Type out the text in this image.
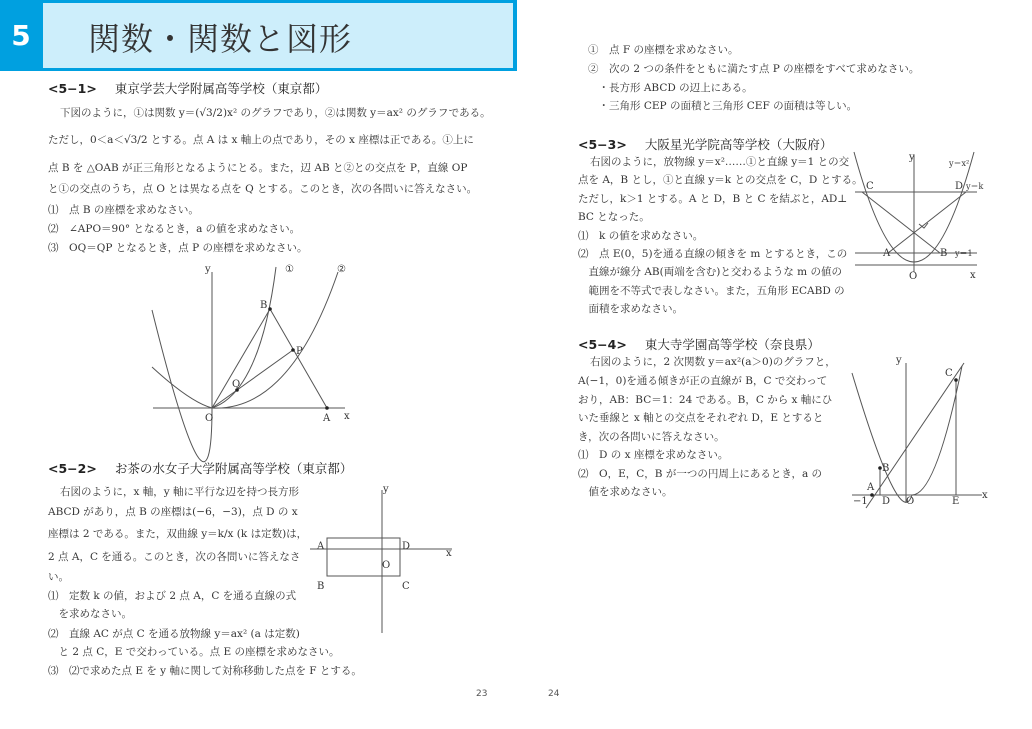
5	関数・関数と図形
<5−1> 東京学芸大学附属高等学校（東京都）
下図のように，①は関数 y＝(√3/2)x² のグラフであり，②は関数 y＝ax² のグラフである。
ただし，0＜a＜√3/2 とする。点 A は x 軸上の点であり，その x 座標は正である。①上に
点 B を △OAB が正三角形となるようにとる。また，辺 AB と②との交点を P，直線 OP
と①の交点のうち，点 O とは異なる点を Q とする。このとき，次の各問いに答えなさい。
⑴　点 B の座標を求めなさい。
⑵　∠APO＝90° となるとき，a の値を求めなさい。
⑶　OQ＝QP となるとき，点 P の座標を求めなさい。
y	①	②
B
P
Q
O	A x
<5−2> お茶の水女子大学附属高等学校（東京都）
右図のように，x 軸，y 軸に平行な辺を持つ長方形
ABCD があり，点 B の座標は(−6，−3)，点 D の x
座標は 2 である。また，双曲線 y＝k/x (k は定数)は，
2 点 A，C を通る。このとき，次の各問いに答えなさ
い。
⑴　定数 k の値，および 2 点 A，C を通る直線の式
　を求めなさい。
⑵　直線 AC が点 C を通る放物線 y＝ax² (a は定数)
　と 2 点 C，E で交わっている。点 E の座標を求めなさい。
⑶　⑵で求めた点 E を y 軸に関して対称移動した点を F とする。
y
A	D
x
O
B	C
①　点 F の座標を求めなさい。
②　次の 2 つの条件をともに満たす点 P の座標をすべて求めなさい。
　・長方形 ABCD の辺上にある。
　・三角形 CEP の面積と三角形 CEF の面積は等しい。
<5−3> 大阪星光学院高等学校（大阪府）
右図のように，放物線 y＝x²……①と直線 y＝1 との交
点を A，B とし，①と直線 y＝k との交点を C，D とする。
ただし，k＞1 とする。A と D，B と C を結ぶと，AD⊥
BC となった。
⑴　k の値を求めなさい。
⑵　点 E(0，5)を通る直線の傾きを m とするとき，この
　直線が線分 AB(両端を含む)と交わるような m の値の
　範囲を不等式で表しなさい。また，五角形 ECABD の
　面積を求めなさい。
y
y＝x²
C	D y＝k
A	B y＝1
O	x
<5−4> 東大寺学園高等学校（奈良県）
右図のように，2 次関数 y＝ax²(a＞0)のグラフと，
A(−1，0)を通る傾きが正の直線が B，C で交わって
おり，AB：BC＝1：24 である。B，C から x 軸にひ
いた垂線と x 軸との交点をそれぞれ D，E とすると
き，次の各問いに答えなさい。
⑴　D の x 座標を求めなさい。
⑵　O，E，C，B が一つの円周上にあるとき，a の
　値を求めなさい。
y
C
B
A
−1 D O	E
x
23	24
